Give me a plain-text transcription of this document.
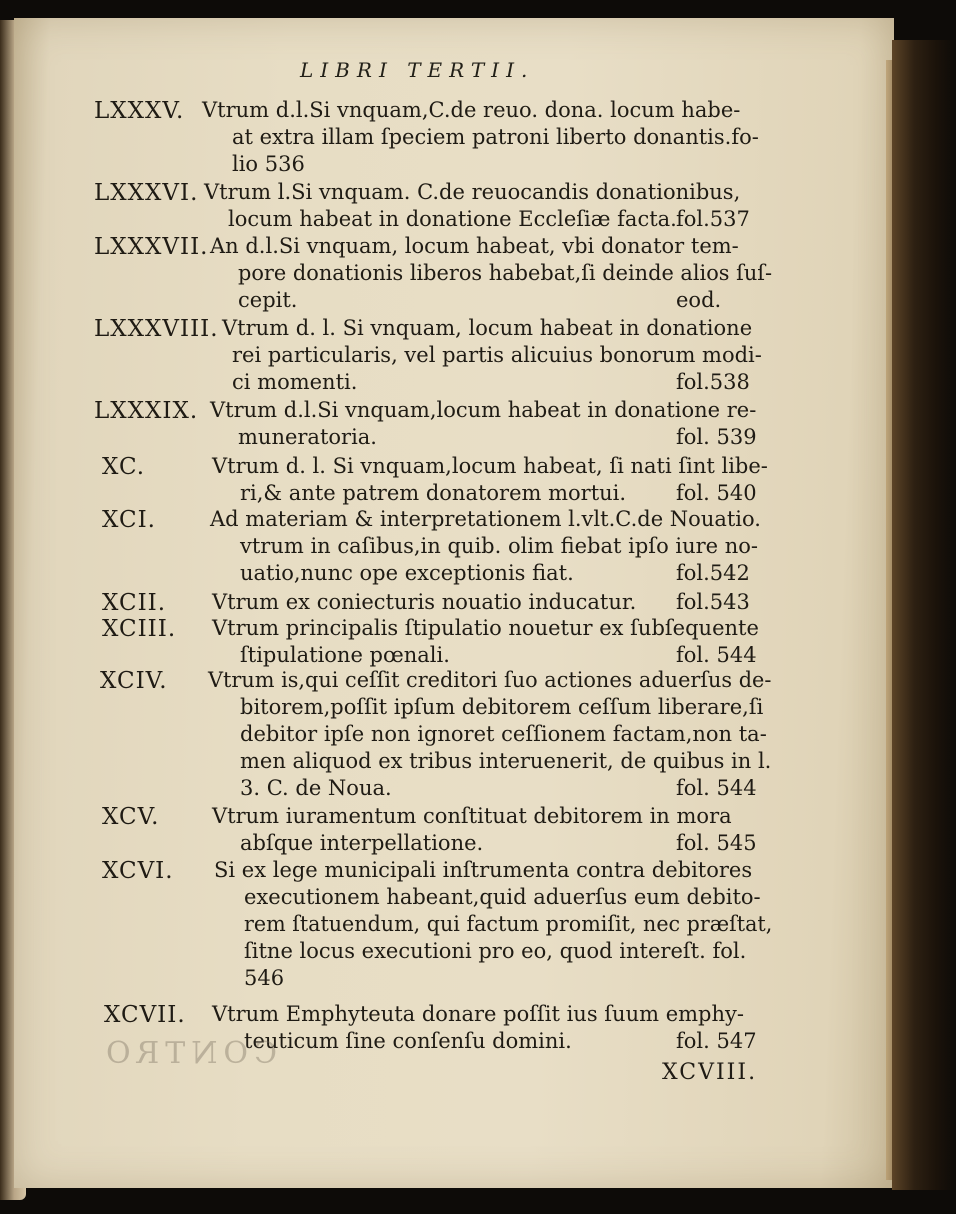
LIBRI TERTII.
LXXXV. Vtrum d.l.Si vnquam,C.de reuo. dona. locum habe-
at extra illam ſpeciem patroni liberto donantis.fo-
lio 536
LXXXVI. Vtrum l.Si vnquam. C.de reuocandis donationibus,
locum habeat in donatione Eccleſiæ facta. fol.537
LXXXVII. An d.l.Si vnquam, locum habeat, vbi donator tem-
pore donationis liberos habebat,ſi deinde alios ſuſ-
cepit.	eod.
LXXXVIII. Vtrum d. l. Si vnquam, locum habeat in donatione
rei particularis, vel partis alicuius bonorum modi-
ci momenti.	fol.538
LXXXIX. Vtrum d.l.Si vnquam,locum habeat in donatione re-
muneratoria.	fol. 539
XC.	Vtrum d. l. Si vnquam,locum habeat, ſi nati ſint libe-
ri,& ante patrem donatorem mortui. fol. 540
XCI.	Ad materiam & interpretationem l.vlt.C.de Nouatio.
vtrum in caſibus,in quib. olim fiebat ipſo iure no-
uatio,nunc ope exceptionis fiat.	fol.542
XCII. Vtrum ex coniecturis nouatio inducatur. fol.543
XCIII. Vtrum principalis ſtipulatio nouetur ex ſubſequente
ſtipulatione pœnali.	fol. 544
XCIV. Vtrum is,qui ceſſit creditori ſuo actiones aduerſus de-
bitorem,poſſit ipſum debitorem ceſſum liberare,ſi
debitor ipſe non ignoret ceſſionem factam,non ta-
men aliquod ex tribus interuenerit, de quibus in l.
3. C. de Noua.	fol. 544
XCV.	Vtrum iuramentum conſtituat debitorem in mora
abſque interpellatione.	fol. 545
XCVI. Si ex lege municipali inſtrumenta contra debitores
executionem habeant,quid aduerſus eum debito-
rem ſtatuendum, qui factum promiſit, nec præſtat,
ſitne locus executioni pro eo, quod intereſt. fol.
546
XCVII. Vtrum Emphyteuta donare poſſit ius ſuum emphy-
teuticum ſine conſenſu domini.	fol. 547
CONTRO
XCVIII.
